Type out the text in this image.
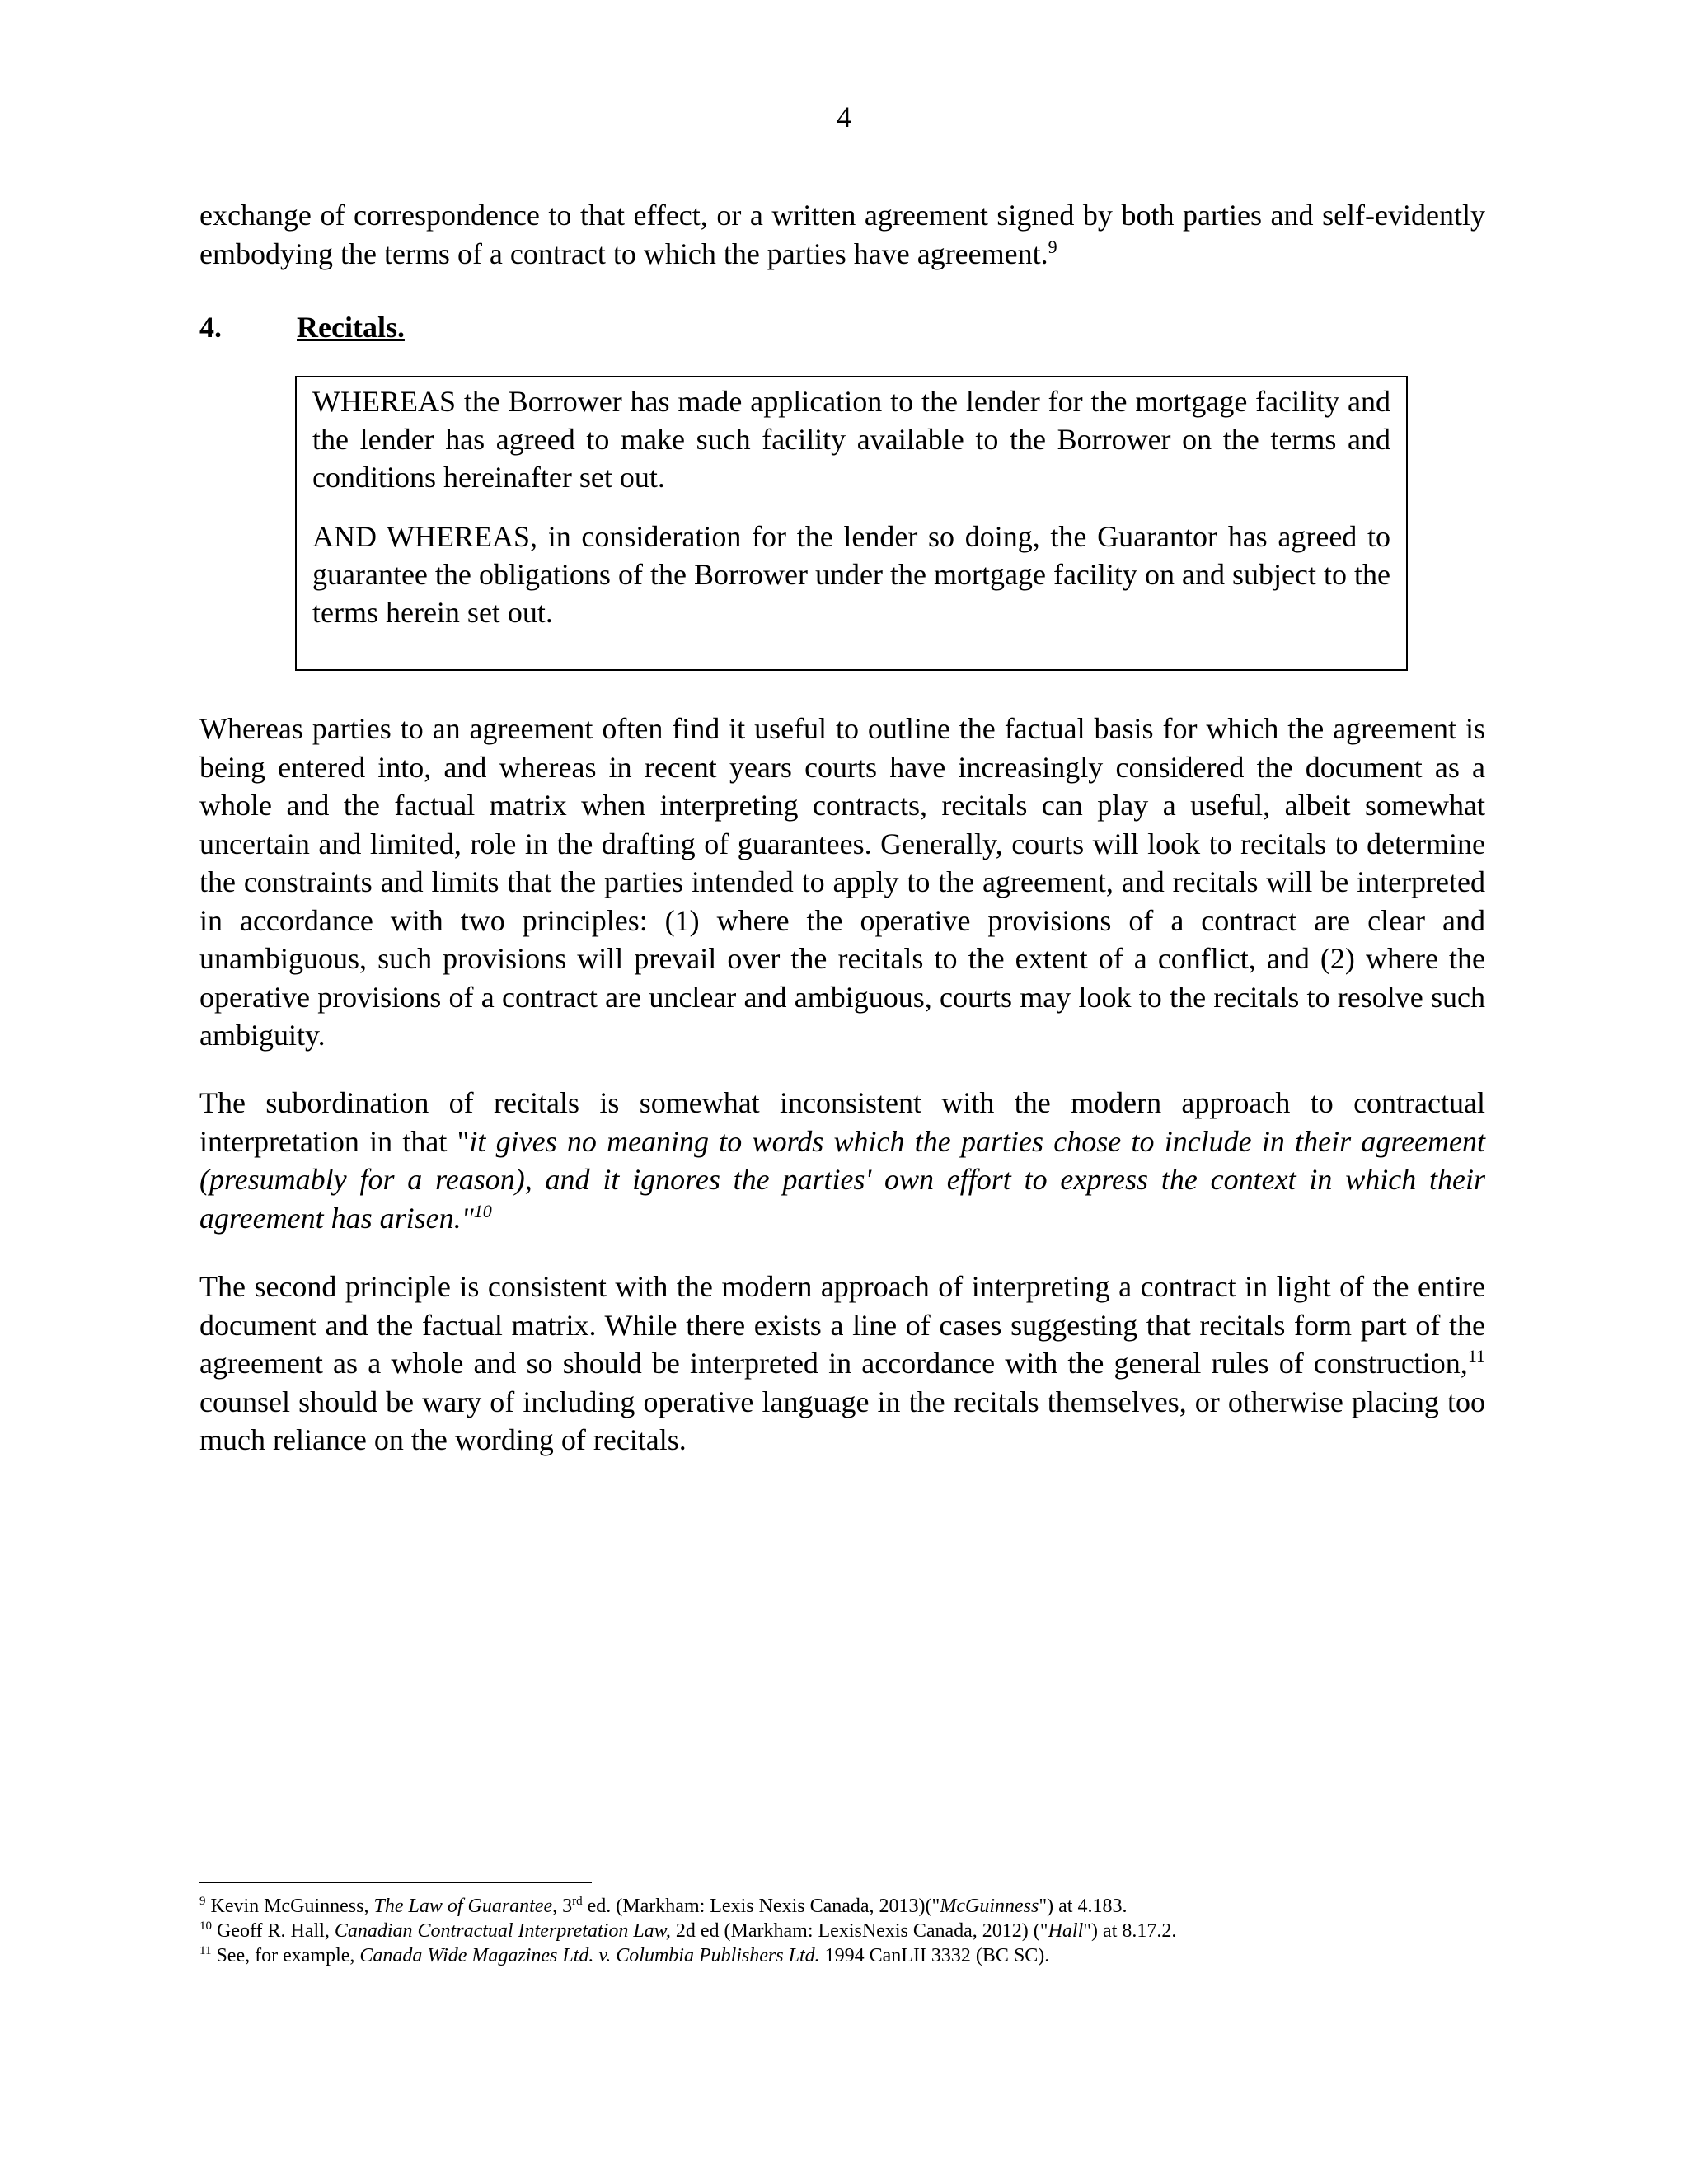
4

exchange of correspondence to that effect, or a written agreement signed by both parties and self-evidently embodying the terms of a contract to which the parties have agreement.$^9$

4.	Recitals.

WHEREAS the Borrower has made application to the lender for the mortgage facility and the lender has agreed to make such facility available to the Borrower on the terms and conditions hereinafter set out.

AND WHEREAS, in consideration for the lender so doing, the Guarantor has agreed to guarantee the obligations of the Borrower under the mortgage facility on and subject to the terms herein set out.

Whereas parties to an agreement often find it useful to outline the factual basis for which the agreement is being entered into, and whereas in recent years courts have increasingly considered the document as a whole and the factual matrix when interpreting contracts, recitals can play a useful, albeit somewhat uncertain and limited, role in the drafting of guarantees. Generally, courts will look to recitals to determine the constraints and limits that the parties intended to apply to the agreement, and recitals will be interpreted in accordance with two principles: (1) where the operative provisions of a contract are clear and unambiguous, such provisions will prevail over the recitals to the extent of a conflict, and (2) where the operative provisions of a contract are unclear and ambiguous, courts may look to the recitals to resolve such ambiguity.

The subordination of recitals is somewhat inconsistent with the modern approach to contractual interpretation in that "it gives no meaning to words which the parties chose to include in their agreement (presumably for a reason), and it ignores the parties' own effort to express the context in which their agreement has arisen."$^{10}$

The second principle is consistent with the modern approach of interpreting a contract in light of the entire document and the factual matrix. While there exists a line of cases suggesting that recitals form part of the agreement as a whole and so should be interpreted in accordance with the general rules of construction,$^{11}$ counsel should be wary of including operative language in the recitals themselves, or otherwise placing too much reliance on the wording of recitals.

$^9$ Kevin McGuinness, The Law of Guarantee, 3rd ed. (Markham: Lexis Nexis Canada, 2013)("McGuinness") at 4.183.

$^{10}$ Geoff R. Hall, Canadian Contractual Interpretation Law, 2d ed (Markham: LexisNexis Canada, 2012) ("Hall") at 8.17.2.

$^{11}$ See, for example, Canada Wide Magazines Ltd. v. Columbia Publishers Ltd. 1994 CanLII 3332 (BC SC).
